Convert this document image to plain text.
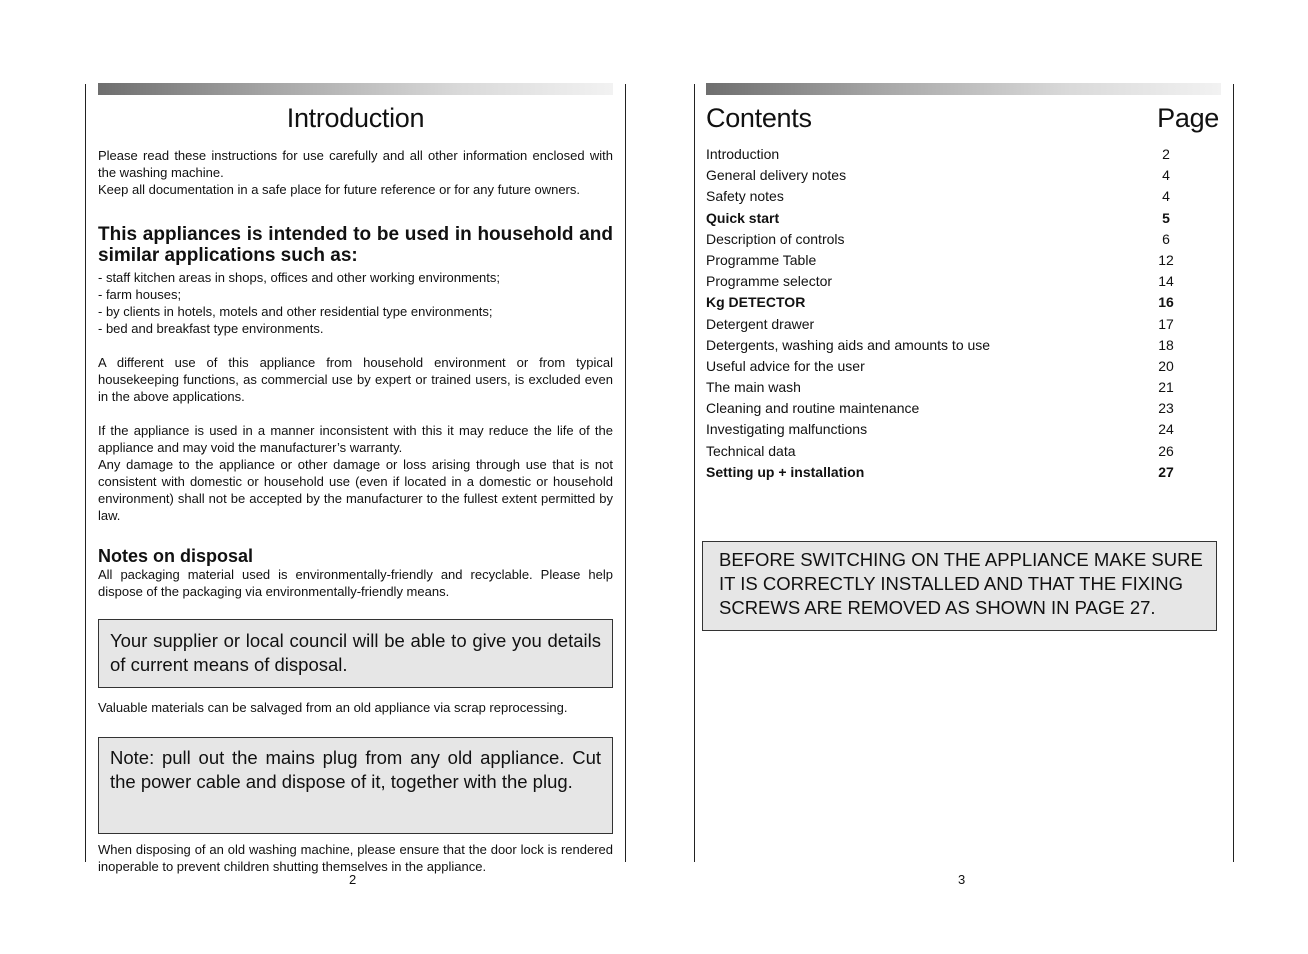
Introduction

Please read these instructions for use carefully and all other information enclosed with the washing machine.

Keep all documentation in a safe place for future reference or for any future owners.

This appliances is intended to be used in household and similar applications such as:
- staff kitchen areas in shops, offices and other working environments;
- farm houses;
- by clients in hotels, motels and other residential type environments;
- bed and breakfast type environments.

A different use of this appliance from household environment or from typical housekeeping functions, as commercial use by expert or trained users, is excluded even in the above applications.

If the appliance is used in a manner inconsistent with this it may reduce the life of the appliance and may void the manufacturer’s warranty.

Any damage to the appliance or other damage or loss arising through use that is not consistent with domestic or household use (even if located in a domestic or household environment) shall not be accepted by the manufacturer to the fullest extent permitted by law.

Notes on disposal

All packaging material used is environmentally-friendly and recyclable. Please help dispose of the packaging via environmentally-friendly means.

Your supplier or local council will be able to give you details of current means of disposal.

Valuable materials can be salvaged from an old appliance via scrap reprocessing.

Note: pull out the mains plug from any old appliance. Cut the power cable and dispose of it, together with the plug.

When disposing of an old washing machine, please ensure that the door lock is rendered inoperable to prevent children shutting themselves in the appliance.

2
Contents	Page
Introduction	2
General delivery notes	4
Safety notes	4
Quick start	5
Description of controls	6
Programme Table	12
Programme selector	14
Kg DETECTOR	16
Detergent drawer	17
Detergents, washing aids and amounts to use	18
Useful advice for the user	20
The main wash	21
Cleaning and routine maintenance	23
Investigating malfunctions	24
Technical data	26
Setting up + installation	27
BEFORE SWITCHING ON THE APPLIANCE MAKE SURE IT IS CORRECTLY INSTALLED AND THAT THE FIXING SCREWS ARE REMOVED AS SHOWN IN PAGE 27.
3
